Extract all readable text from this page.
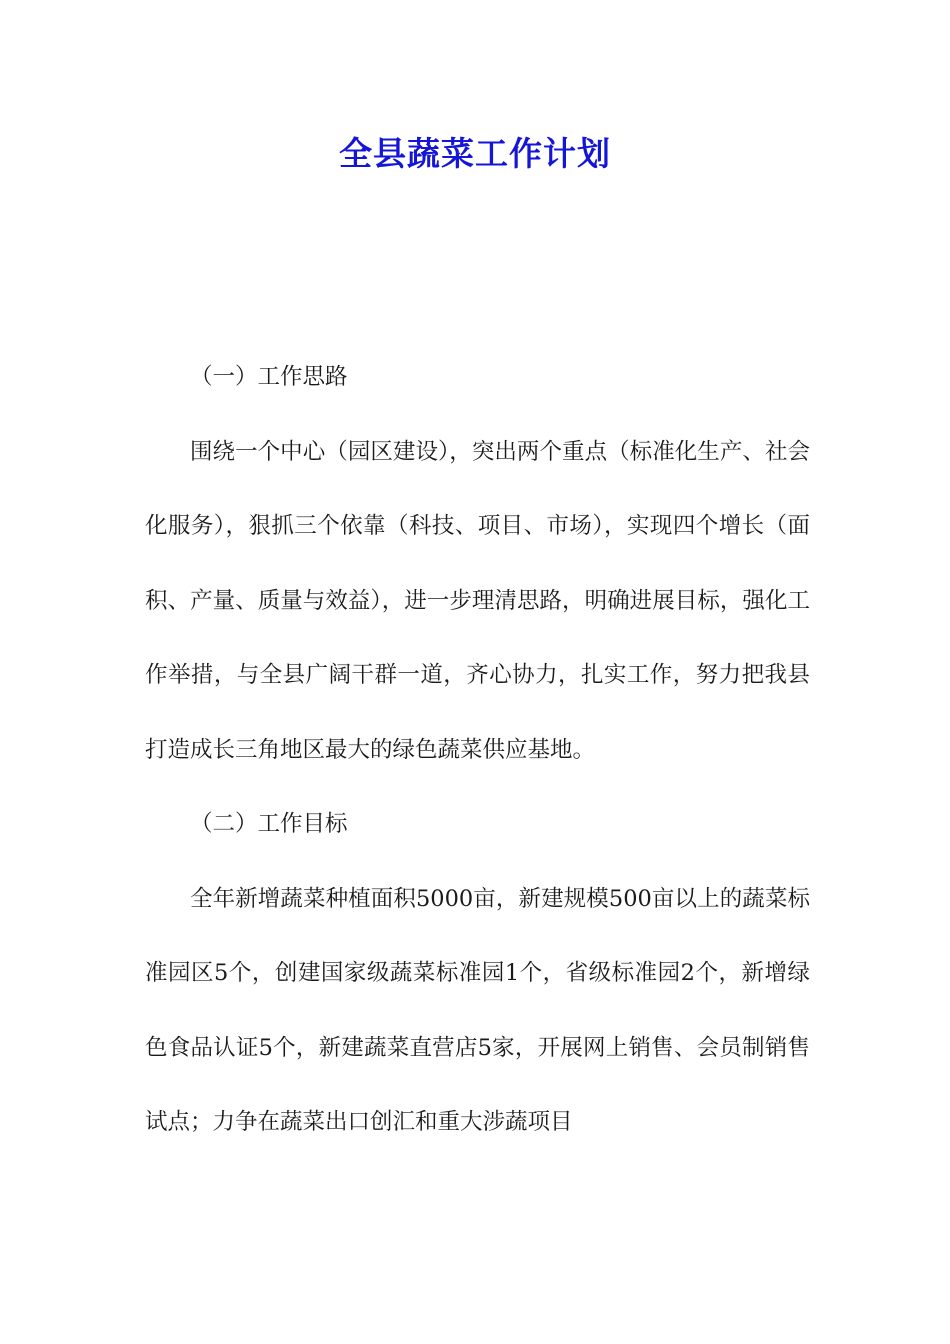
全县蔬菜工作计划

（一）工作思路

围绕一个中心（园区建设），突出两个重点（标准化生产、社会化服务），狠抓三个依靠（科技、项目、市场），实现四个增长（面积、产量、质量与效益），进一步理清思路，明确进展目标，强化工作举措，与全县广阔干群一道，齐心协力，扎实工作，努力把我县打造成长三角地区最大的绿色蔬菜供应基地。

（二）工作目标

全年新增蔬菜种植面积5000亩，新建规模500亩以上的蔬菜标准园区5个，创建国家级蔬菜标准园1个，省级标准园2个，新增绿色食品认证5个，新建蔬菜直营店5家，开展网上销售、会员制销售试点；力争在蔬菜出口创汇和重大涉蔬项目
